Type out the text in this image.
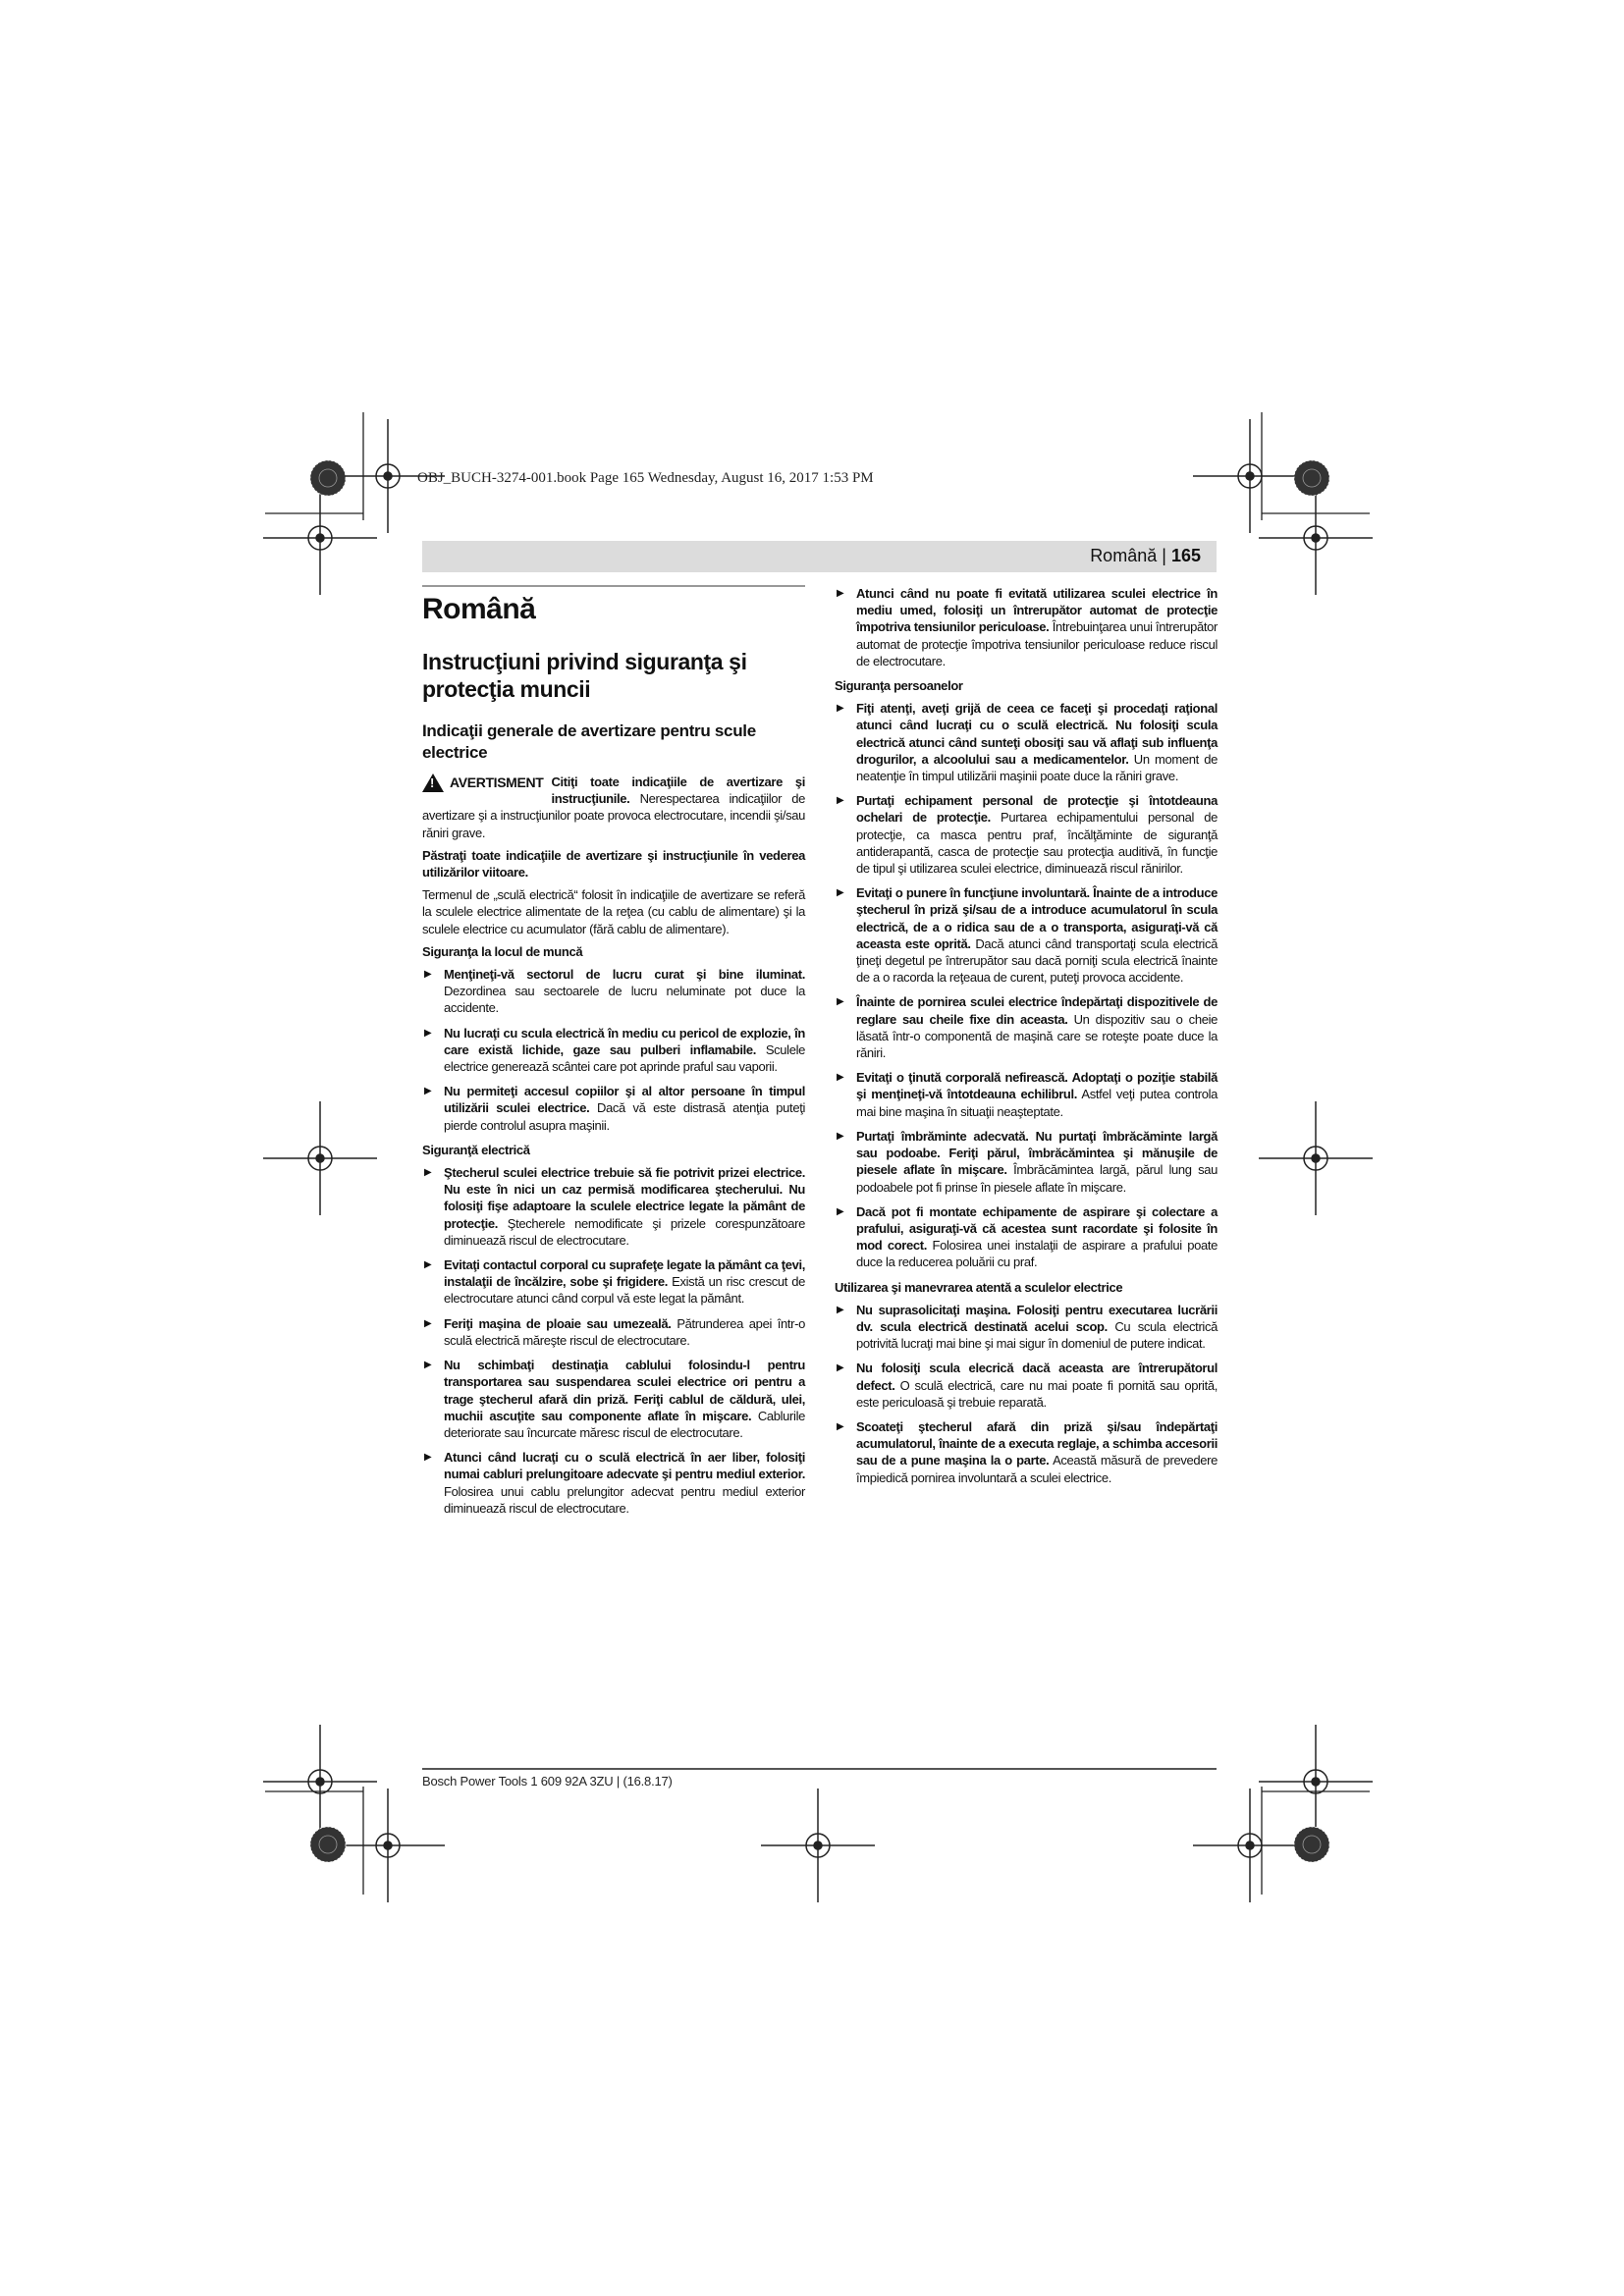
OBJ_BUCH-3274-001.book Page 165 Wednesday, August 16, 2017 1:53 PM
Română | 165
Română
Instrucţiuni privind siguranţa şi protecţia muncii
Indicaţii generale de avertizare pentru scule electrice

!
AVERTISMENT Citiţi toate indicaţiile de avertizare şi instrucţiunile. Nerespectarea indicaţiilor de avertizare şi a instrucţiunilor poate provoca electrocutare, incendii şi/sau răniri grave.

Păstraţi toate indicaţiile de avertizare şi instrucţiunile în vederea utilizărilor viitoare.

Termenul de „sculă electrică“ folosit în indicaţiile de avertizare se referă la sculele electrice alimentate de la reţea (cu cablu de alimentare) şi la sculele electrice cu acumulator (fără cablu de alimentare).

Siguranţa la locul de muncă
▶ Menţineţi-vă sectorul de lucru curat şi bine iluminat. Dezordinea sau sectoarele de lucru neluminate pot duce la accidente.
▶ Nu lucraţi cu scula electrică în mediu cu pericol de explozie, în care există lichide, gaze sau pulberi inflamabile. Sculele electrice generează scântei care pot aprinde praful sau vaporii.
▶ Nu permiteţi accesul copiilor şi al altor persoane în timpul utilizării sculei electrice. Dacă vă este distrasă atenţia puteţi pierde controlul asupra maşinii.
Siguranţă electrică
▶ Ştecherul sculei electrice trebuie să fie potrivit prizei electrice. Nu este în nici un caz permisă modificarea ştecherului. Nu folosiţi fişe adaptoare la sculele electrice legate la pământ de protecţie. Ştecherele nemodificate şi prizele corespunzătoare diminuează riscul de electrocutare.
▶ Evitaţi contactul corporal cu suprafeţe legate la pământ ca ţevi, instalaţii de încălzire, sobe şi frigidere. Există un risc crescut de electrocutare atunci când corpul vă este legat la pământ.
▶ Feriţi maşina de ploaie sau umezeală. Pătrunderea apei într-o sculă electrică măreşte riscul de electrocutare.
▶ Nu schimbaţi destinaţia cablului folosindu-l pentru transportarea sau suspendarea sculei electrice ori pentru a trage ştecherul afară din priză. Feriţi cablul de căldură, ulei, muchii ascuţite sau componente aflate în mişcare. Cablurile deteriorate sau încurcate măresc riscul de electrocutare.
▶ Atunci când lucraţi cu o sculă electrică în aer liber, folosiţi numai cabluri prelungitoare adecvate şi pentru mediul exterior. Folosirea unui cablu prelungitor adecvat pentru mediul exterior diminuează riscul de electrocutare.
▶ Atunci când nu poate fi evitată utilizarea sculei electrice în mediu umed, folosiţi un întrerupător automat de protecţie împotriva tensiunilor periculoase. Întrebuinţarea unui întrerupător automat de protecţie împotriva tensiunilor periculoase reduce riscul de electrocutare.
Siguranţa persoanelor
▶ Fiţi atenţi, aveţi grijă de ceea ce faceţi şi procedaţi raţional atunci când lucraţi cu o sculă electrică. Nu folosiţi scula electrică atunci când sunteţi obosiţi sau vă aflaţi sub influenţa drogurilor, a alcoolului sau a medicamentelor. Un moment de neatenţie în timpul utilizării maşinii poate duce la răniri grave.
▶ Purtaţi echipament personal de protecţie şi întotdeauna ochelari de protecţie. Purtarea echipamentului personal de protecţie, ca masca pentru praf, încălţăminte de siguranţă antiderapantă, casca de protecţie sau protecţia auditivă, în funcţie de tipul şi utilizarea sculei electrice, diminuează riscul rănirilor.
▶ Evitaţi o punere în funcţiune involuntară. Înainte de a introduce ştecherul în priză şi/sau de a introduce acumulatorul în scula electrică, de a o ridica sau de a o transporta, asiguraţi-vă că aceasta este oprită. Dacă atunci când transportaţi scula electrică ţineţi degetul pe întrerupător sau dacă porniţi scula electrică înainte de a o racorda la reţeaua de curent, puteţi provoca accidente.
▶ Înainte de pornirea sculei electrice îndepărtaţi dispozitivele de reglare sau cheile fixe din aceasta. Un dispozitiv sau o cheie lăsată într-o componentă de maşină care se roteşte poate duce la răniri.
▶ Evitaţi o ţinută corporală nefirească. Adoptaţi o poziţie stabilă şi menţineţi-vă întotdeauna echilibrul. Astfel veţi putea controla mai bine maşina în situaţii neaşteptate.
▶ Purtaţi îmbrăminte adecvată. Nu purtaţi îmbrăcăminte largă sau podoabe. Feriţi părul, îmbrăcămintea şi mănuşile de piesele aflate în mişcare. Îmbrăcămintea largă, părul lung sau podoabele pot fi prinse în piesele aflate în mişcare.
▶ Dacă pot fi montate echipamente de aspirare şi colectare a prafului, asiguraţi-vă că acestea sunt racordate şi folosite în mod corect. Folosirea unei instalaţii de aspirare a prafului poate duce la reducerea poluării cu praf.
Utilizarea şi manevrarea atentă a sculelor electrice
▶ Nu suprasolicitaţi maşina. Folosiţi pentru executarea lucrării dv. scula electrică destinată acelui scop. Cu scula electrică potrivită lucraţi mai bine şi mai sigur în domeniul de putere indicat.
▶ Nu folosiţi scula elecrică dacă aceasta are întrerupătorul defect. O sculă electrică, care nu mai poate fi pornită sau oprită, este periculoasă şi trebuie reparată.
▶ Scoateţi ştecherul afară din priză şi/sau îndepărtaţi acumulatorul, înainte de a executa reglaje, a schimba accesorii sau de a pune maşina la o parte. Această măsură de prevedere împiedică pornirea involuntară a sculei electrice.
Bosch Power Tools 1 609 92A 3ZU | (16.8.17)
